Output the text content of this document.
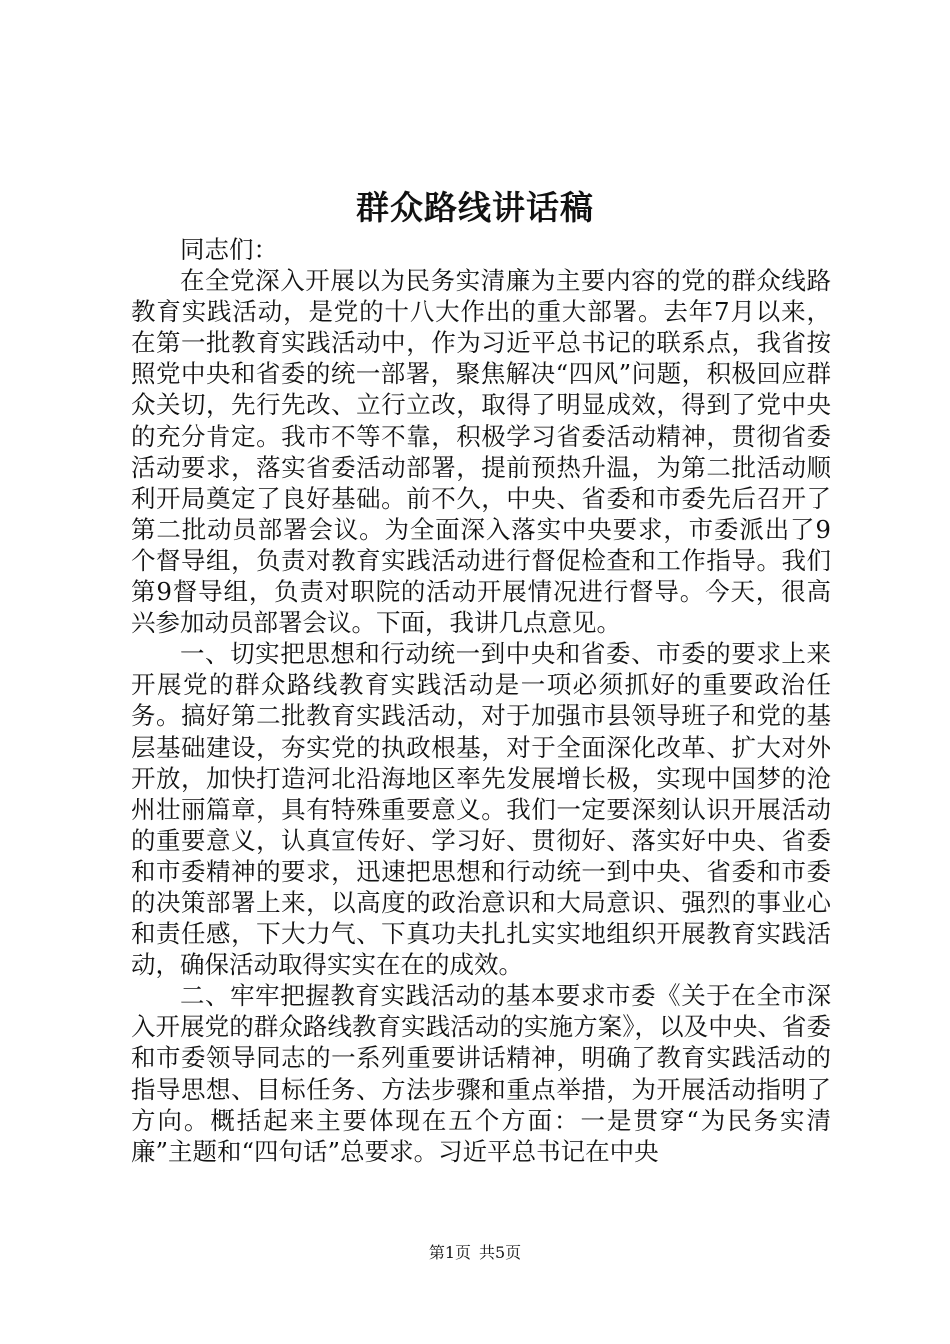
群众路线讲话稿

同志们：

在全党深入开展以为民务实清廉为主要内容的党的群众线路教育实践活动，是党的十八大作出的重大部署。去年7月以来，在第一批教育实践活动中，作为习近平总书记的联系点，我省按照党中央和省委的统一部署，聚焦解决“四风”问题，积极回应群众关切，先行先改、立行立改，取得了明显成效，得到了党中央的充分肯定。我市不等不靠，积极学习省委活动精神，贯彻省委活动要求，落实省委活动部署，提前预热升温，为第二批活动顺利开局奠定了良好基础。前不久，中央、省委和市委先后召开了第二批动员部署会议。为全面深入落实中央要求，市委派出了9个督导组，负责对教育实践活动进行督促检查和工作指导。我们第9督导组，负责对职院的活动开展情况进行督导。今天，很高兴参加动员部署会议。下面，我讲几点意见。

一、切实把思想和行动统一到中央和省委、市委的要求上来开展党的群众路线教育实践活动是一项必须抓好的重要政治任务。搞好第二批教育实践活动，对于加强市县领导班子和党的基层基础建设，夯实党的执政根基，对于全面深化改革、扩大对外开放，加快打造河北沿海地区率先发展增长极，实现中国梦的沧州壮丽篇章，具有特殊重要意义。我们一定要深刻认识开展活动的重要意义，认真宣传好、学习好、贯彻好、落实好中央、省委和市委精神的要求，迅速把思想和行动统一到中央、省委和市委的决策部署上来，以高度的政治意识和大局意识、强烈的事业心和责任感，下大力气、下真功夫扎扎实实地组织开展教育实践活动，确保活动取得实实在在的成效。

二、牢牢把握教育实践活动的基本要求市委《关于在全市深入开展党的群众路线教育实践活动的实施方案》，以及中央、省委和市委领导同志的一系列重要讲话精神，明确了教育实践活动的指导思想、目标任务、方法步骤和重点举措，为开展活动指明了方向。概括起来主要体现在五个方面：一是贯穿“为民务实清廉”主题和“四句话”总要求。习近平总书记在中央

第1页 共5页
